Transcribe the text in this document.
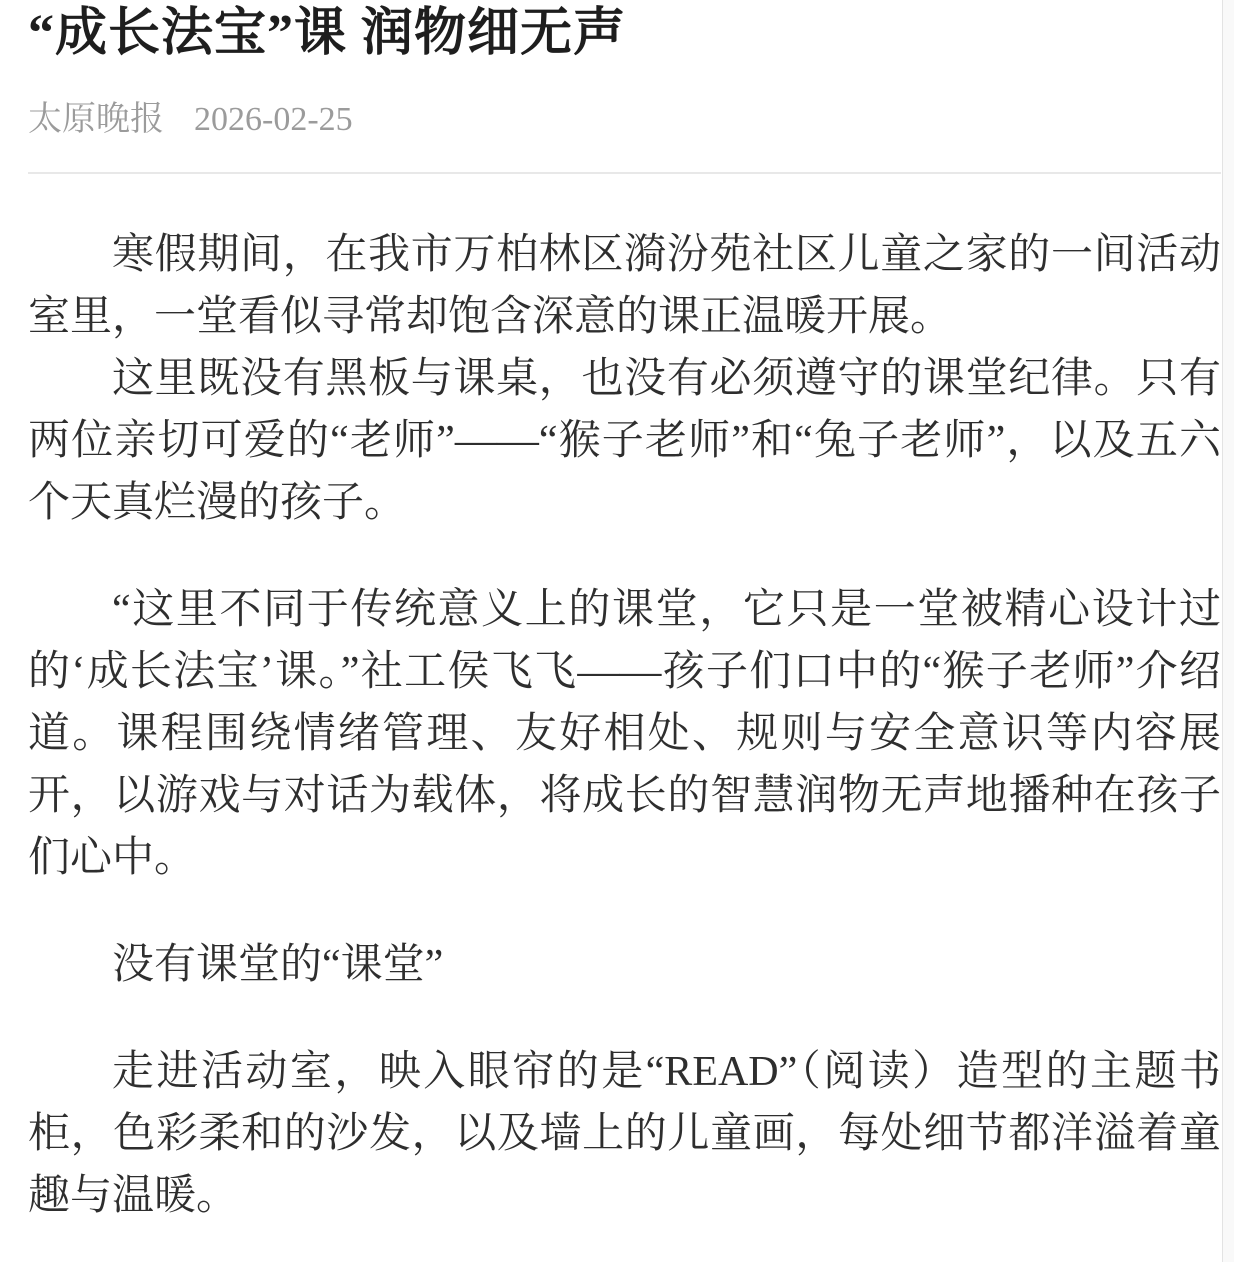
“成长法宝”课 润物细无声
太原晚报 2026-02-25

寒假期间，在我市万柏林区漪汾苑社区儿童之家的一间活动室里，一堂看似寻常却饱含深意的课正温暖开展。

这里既没有黑板与课桌，也没有必须遵守的课堂纪律。只有两位亲切可爱的“老师”——“猴子老师”和“兔子老师”，以及五六个天真烂漫的孩子。

“这里不同于传统意义上的课堂，它只是一堂被精心设计过的‘成长法宝’课。”社工侯飞飞——孩子们口中的“猴子老师”介绍道。课程围绕情绪管理、友好相处、规则与安全意识等内容展开，以游戏与对话为载体，将成长的智慧润物无声地播种在孩子们心中。

没有课堂的“课堂”

走进活动室，映入眼帘的是“READ”（阅读）造型的主题书柜，色彩柔和的沙发，以及墙上的儿童画，每处细节都洋溢着童趣与温暖。
